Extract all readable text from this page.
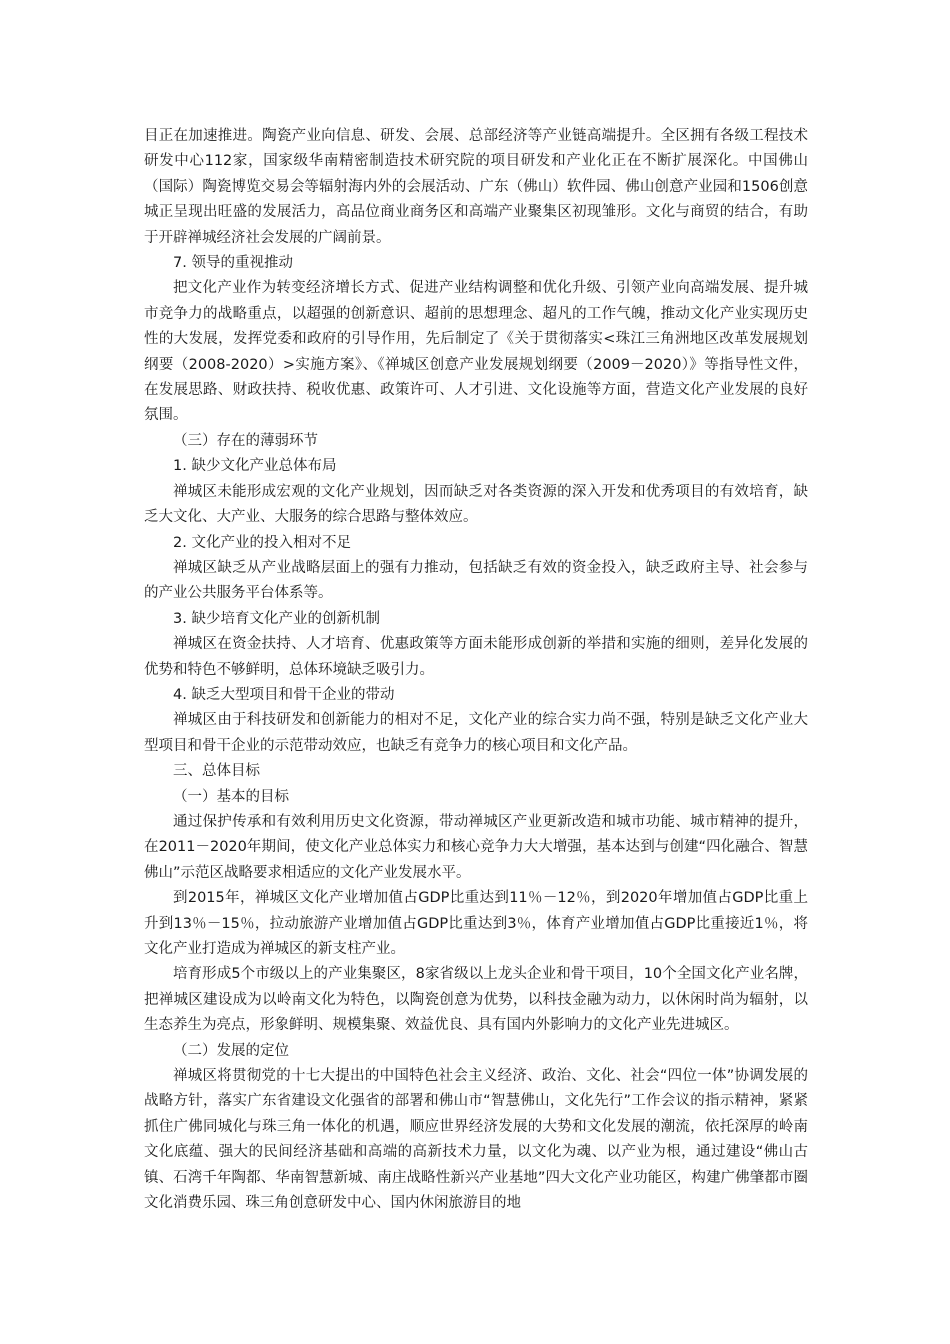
目正在加速推进。陶瓷产业向信息、研发、会展、总部经济等产业链高端提升。全区拥有各级工程技术研发中心112家，国家级华南精密制造技术研究院的项目研发和产业化正在不断扩展深化。中国佛山（国际）陶瓷博览交易会等辐射海内外的会展活动、广东（佛山）软件园、佛山创意产业园和1506创意城正呈现出旺盛的发展活力，高品位商业商务区和高端产业聚集区初现雏形。文化与商贸的结合，有助于开辟禅城经济社会发展的广阔前景。

7. 领导的重视推动

把文化产业作为转变经济增长方式、促进产业结构调整和优化升级、引领产业向高端发展、提升城市竞争力的战略重点，以超强的创新意识、超前的思想理念、超凡的工作气魄，推动文化产业实现历史性的大发展，发挥党委和政府的引导作用，先后制定了《关于贯彻落实<珠江三角洲地区改革发展规划纲要（2008-2020）>实施方案》、《禅城区创意产业发展规划纲要（2009－2020）》等指导性文件，在发展思路、财政扶持、税收优惠、政策许可、人才引进、文化设施等方面，营造文化产业发展的良好氛围。

（三）存在的薄弱环节

1. 缺少文化产业总体布局

禅城区未能形成宏观的文化产业规划，因而缺乏对各类资源的深入开发和优秀项目的有效培育，缺乏大文化、大产业、大服务的综合思路与整体效应。

2. 文化产业的投入相对不足

禅城区缺乏从产业战略层面上的强有力推动，包括缺乏有效的资金投入，缺乏政府主导、社会参与的产业公共服务平台体系等。

3. 缺少培育文化产业的创新机制

禅城区在资金扶持、人才培育、优惠政策等方面未能形成创新的举措和实施的细则，差异化发展的优势和特色不够鲜明，总体环境缺乏吸引力。

4. 缺乏大型项目和骨干企业的带动

禅城区由于科技研发和创新能力的相对不足，文化产业的综合实力尚不强，特别是缺乏文化产业大型项目和骨干企业的示范带动效应，也缺乏有竞争力的核心项目和文化产品。

三、总体目标

（一）基本的目标

通过保护传承和有效利用历史文化资源，带动禅城区产业更新改造和城市功能、城市精神的提升，在2011－2020年期间，使文化产业总体实力和核心竞争力大大增强，基本达到与创建“四化融合、智慧佛山”示范区战略要求相适应的文化产业发展水平。

到2015年，禅城区文化产业增加值占GDP比重达到11％－12％，到2020年增加值占GDP比重上升到13％－15％，拉动旅游产业增加值占GDP比重达到3％，体育产业增加值占GDP比重接近1％，将文化产业打造成为禅城区的新支柱产业。

培育形成5个市级以上的产业集聚区，8家省级以上龙头企业和骨干项目，10个全国文化产业名牌，把禅城区建设成为以岭南文化为特色，以陶瓷创意为优势，以科技金融为动力，以休闲时尚为辐射，以生态养生为亮点，形象鲜明、规模集聚、效益优良、具有国内外影响力的文化产业先进城区。

（二）发展的定位

禅城区将贯彻党的十七大提出的中国特色社会主义经济、政治、文化、社会“四位一体”协调发展的战略方针，落实广东省建设文化强省的部署和佛山市“智慧佛山，文化先行”工作会议的指示精神，紧紧抓住广佛同城化与珠三角一体化的机遇，顺应世界经济发展的大势和文化发展的潮流，依托深厚的岭南文化底蕴、强大的民间经济基础和高端的高新技术力量，以文化为魂、以产业为根，通过建设“佛山古镇、石湾千年陶都、华南智慧新城、南庄战略性新兴产业基地”四大文化产业功能区，构建广佛肇都市圈文化消费乐园、珠三角创意研发中心、国内休闲旅游目的地
